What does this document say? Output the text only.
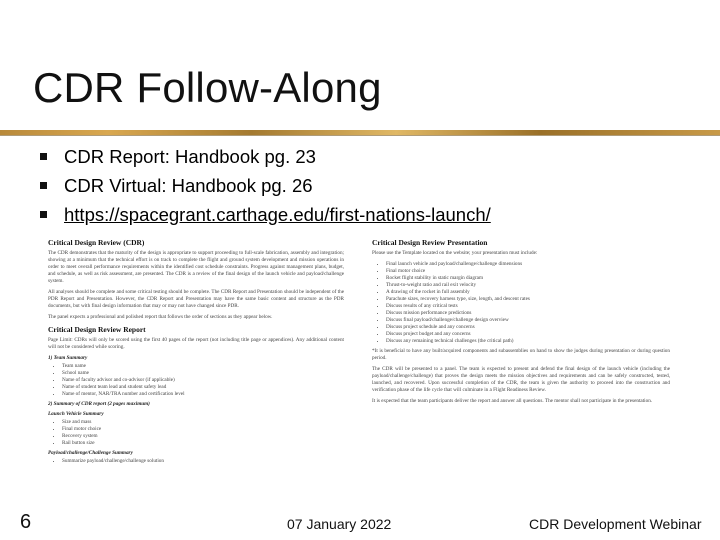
CDR Follow-Along
CDR Report: Handbook pg. 23
CDR Virtual: Handbook pg. 26
https://spacegrant.carthage.edu/first-nations-launch/
Critical Design Review (CDR)

The CDR demonstrates that the maturity of the design is appropriate to support proceeding to full-scale fabrication, assembly and integration; showing at a minimum that the technical effort is on track to complete the flight and ground system development and mission operations in order to meet overall performance requirements within the identified cost schedule constraints. Progress against management plans, budget, and schedule, as well as risk assessment, are presented. The CDR is a review of the final design of the launch vehicle and payload/challenge system.

All analyses should be complete and some critical testing should be complete. The CDR Report and Presentation should be independent of the PDR Report and Presentation. However, the CDR Report and Presentation may have the same basic content and structure as the PDR documents, but with final design information that may or may not have changed since PDR.

The panel expects a professional and polished report that follows the order of sections as they appear below.

Critical Design Review Report

Page Limit: CDRs will only be scored using the first 40 pages of the report (not including title page or appendices). Any additional content will not be considered while scoring.

1) Team Summary
• Team name
• School name
• Name of faculty advisor and co-advisor (if applicable)
• Name of student team lead and student safety lead
• Name of mentor, NAR/TRA number and certification level
2) Summary of CDR report (2 pages maximum)
Launch Vehicle Summary
• Size and mass
• Final motor choice
• Recovery system
• Rail button size
Payload/challenge/Challenge Summary
• Summarize payload/challenge/challenge solution
Critical Design Review Presentation

Please use the Template located on the website; your presentation must include:

• Final launch vehicle and payload/challenge/challenge dimensions
• Final motor choice
• Rocket flight stability in static margin diagram
• Thrust-to-weight ratio and rail exit velocity
• A drawing of the rocket in full assembly
• Parachute sizes, recovery harness type, size, length, and descent rates
• Discuss results of any critical tests
• Discuss mission performance predictions
• Discuss final payload/challenge/challenge design overview
• Discuss project schedule and any concerns
• Discuss project budget and any concerns
• Discuss any remaining technical challenges (the critical path)

*It is beneficial to have any built/acquired components and subassemblies on hand to show the judges during presentation or during question period.

The CDR will be presented to a panel. The team is expected to present and defend the final design of the launch vehicle (including the payload/challenge/challenge) that proves the design meets the mission objectives and requirements and can be safely constructed, tested, launched, and recovered. Upon successful completion of the CDR, the team is given the authority to proceed into the construction and verification phase of the life cycle that will culminate in a Flight Readiness Review.

It is expected that the team participants deliver the report and answer all questions. The mentor shall not participate in the presentation.

6	07 January 2022	CDR Development Webinar
